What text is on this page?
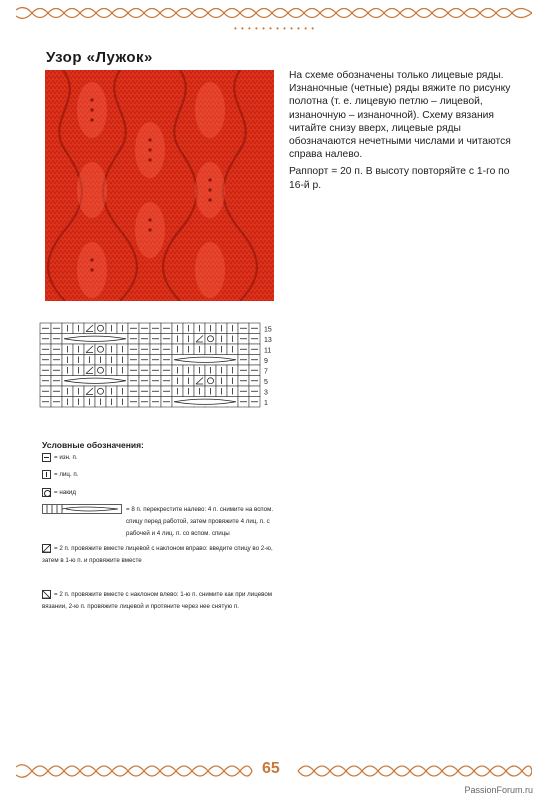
• • • • • • • • • • • •
Узор «Лужок»

На схеме обозначены только лицевые ряды. Изнаночные (четные) ряды вяжите по рисунку полотна (т. е. лицевую петлю – лицевой, изнаночную – изнаночной). Схему вязания читайте снизу вверх, лицевые ряды обозначаются нечетными числами и читаются справа налево.

Раппорт = 20 п. В высоту повторяйте с 1-го по 16-й р.

15
13
11
9
7
5
3
1
Условные обозначения:
= изн. п.
= лиц. п.
= накид
= 8 п. перекрестите налево: 4 п. снимите на вспом. спицу перед работой, затем провяжите 4 лиц. п. с рабочей и 4 лиц. п. со вспом. спицы
= 2 п. провяжите вместе лицевой с наклоном вправо: введите спицу во 2-ю, затем в 1-ю п. и провяжите вместе
= 2 п. провяжите вместе с наклоном влево: 1-ю п. снимите как при лицевом вязании, 2-ю п. провяжите лицевой и протяните через нее снятую п.
65
PassionForum.ru
